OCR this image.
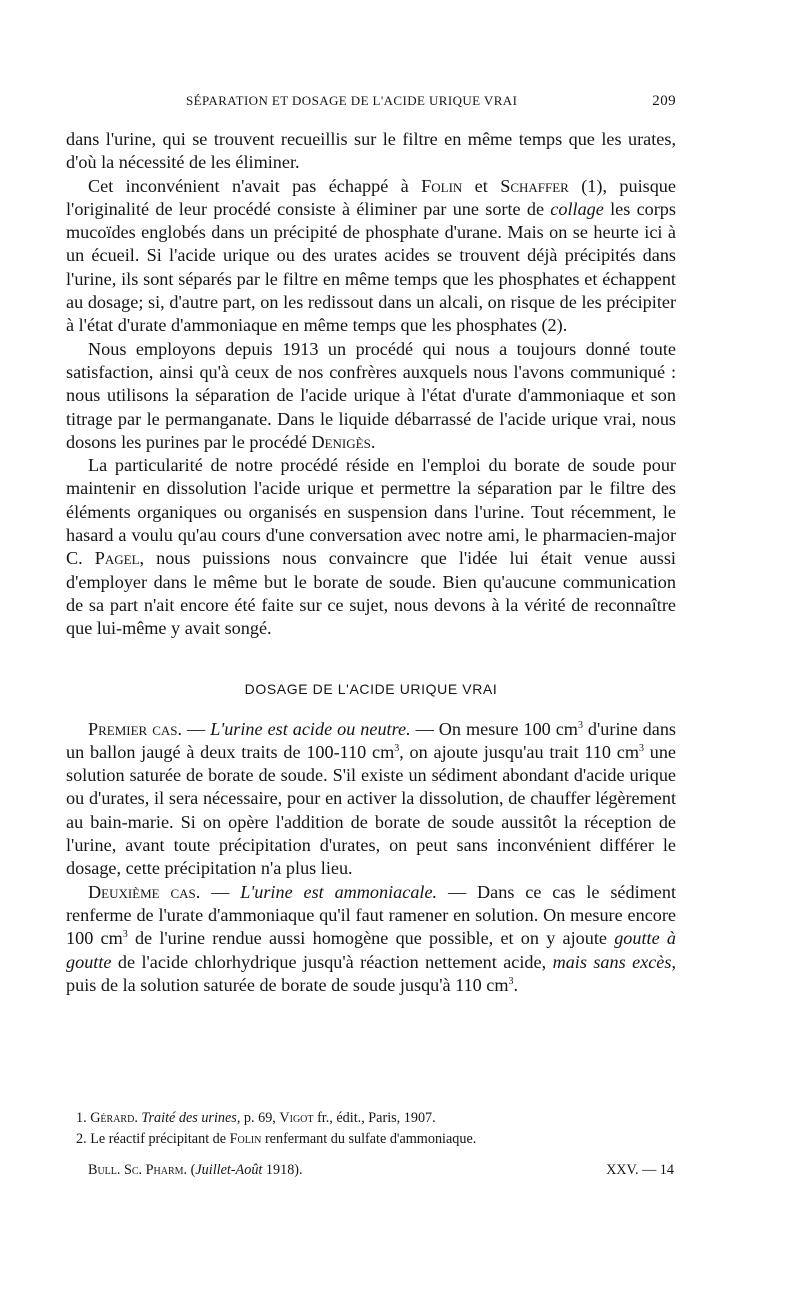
SÉPARATION ET DOSAGE DE L'ACIDE URIQUE VRAI	209

dans l'urine, qui se trouvent recueillis sur le filtre en même temps que les urates, d'où la nécessité de les éliminer.

Cet inconvénient n'avait pas échappé à Folin et Schaffer (1), puisque l'originalité de leur procédé consiste à éliminer par une sorte de collage les corps mucoïdes englobés dans un précipité de phosphate d'urane. Mais on se heurte ici à un écueil. Si l'acide urique ou des urates acides se trouvent déjà précipités dans l'urine, ils sont séparés par le filtre en même temps que les phosphates et échappent au dosage; si, d'autre part, on les redissout dans un alcali, on risque de les précipiter à l'état d'urate d'ammoniaque en même temps que les phosphates (2).

Nous employons depuis 1913 un procédé qui nous a toujours donné toute satisfaction, ainsi qu'à ceux de nos confrères auxquels nous l'avons communiqué : nous utilisons la séparation de l'acide urique à l'état d'urate d'ammoniaque et son titrage par le permanganate. Dans le liquide débarrassé de l'acide urique vrai, nous dosons les purines par le procédé Denigès.

La particularité de notre procédé réside en l'emploi du borate de soude pour maintenir en dissolution l'acide urique et permettre la séparation par le filtre des éléments organiques ou organisés en suspension dans l'urine. Tout récemment, le hasard a voulu qu'au cours d'une conversation avec notre ami, le pharmacien-major C. Pagel, nous puissions nous convaincre que l'idée lui était venue aussi d'employer dans le même but le borate de soude. Bien qu'aucune communication de sa part n'ait encore été faite sur ce sujet, nous devons à la vérité de reconnaître que lui-même y avait songé.

DOSAGE DE L'ACIDE URIQUE VRAI

Premier cas. — L'urine est acide ou neutre. — On mesure 100 $cm^3$ d'urine dans un ballon jaugé à deux traits de 100-110 $cm^3$, on ajoute jusqu'au trait 110 $cm^3$ une solution saturée de borate de soude. S'il existe un sédiment abondant d'acide urique ou d'urates, il sera nécessaire, pour en activer la dissolution, de chauffer légèrement au bain-marie. Si on opère l'addition de borate de soude aussitôt la réception de l'urine, avant toute précipitation d'urates, on peut sans inconvénient différer le dosage, cette précipitation n'a plus lieu.

Deuxième cas. — L'urine est ammoniacale. — Dans ce cas le sédiment renferme de l'urate d'ammoniaque qu'il faut ramener en solution. On mesure encore 100 $cm^3$ de l'urine rendue aussi homogène que possible, et on y ajoute goutte à goutte de l'acide chlorhydrique jusqu'à réaction nettement acide, mais sans excès, puis de la solution saturée de borate de soude jusqu'à 110 $cm^3$.

1. Gérard. Traité des urines, p. 69, Vigot fr., édit., Paris, 1907.

2. Le réactif précipitant de Folin renfermant du sulfate d'ammoniaque.

Bull. Sc. Pharm. (Juillet-Août 1918).	XXV. — 14
